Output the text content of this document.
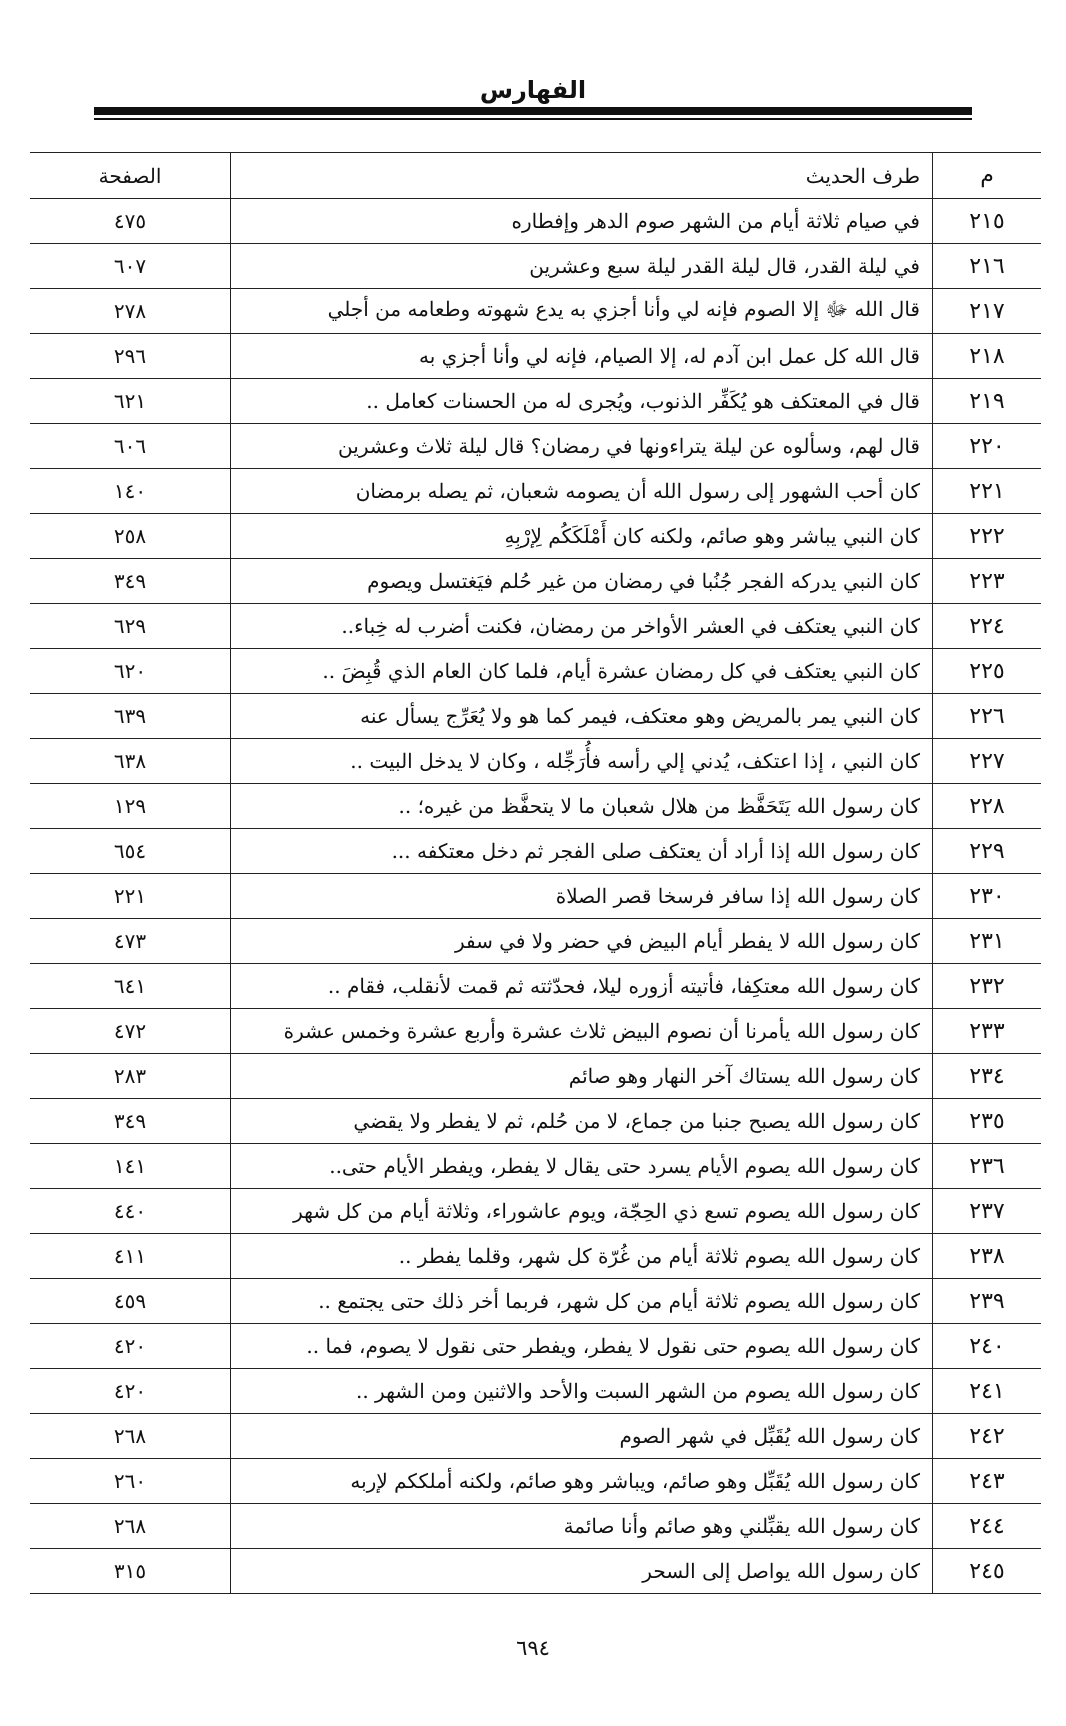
الفهارس
م	طرف الحديث	الصفحة
٢١٥	في صيام ثلاثة أيام من الشهر صوم الدهر وإفطاره	٤٧٥
٢١٦	في ليلة القدر، قال ليلة القدر ليلة سبع وعشرين	٦٠٧
٢١٧	قال الله ﷻ إلا الصوم فإنه لي وأنا أجزي به يدع شهوته وطعامه من أجلي	٢٧٨
٢١٨	قال الله كل عمل ابن آدم له، إلا الصيام، فإنه لي وأنا أجزي به	٢٩٦
٢١٩	قال في المعتكف هو يُكَفِّر الذنوب، ويُجرى له من الحسنات كعامل ..	٦٢١
٢٢٠	قال لهم، وسألوه عن ليلة يتراءونها في رمضان؟ قال ليلة ثلاث وعشرين	٦٠٦
٢٢١	كان أحب الشهور إلى رسول الله أن يصومه شعبان، ثم يصله برمضان	١٤٠
٢٢٢	كان النبي يباشر وهو صائم، ولكنه كان أَمْلَكَكُم لِإرْبِهِ	٢٥٨
٢٢٣	كان النبي يدركه الفجر جُنُبا في رمضان من غير حُلم فيَغتسل ويصوم	٣٤٩
٢٢٤	كان النبي يعتكف في العشر الأواخر من رمضان، فكنت أضرب له خِباء..	٦٢٩
٢٢٥	كان النبي يعتكف في كل رمضان عشرة أيام، فلما كان العام الذي قُبِضَ ..	٦٢٠
٢٢٦	كان النبي يمر بالمريض وهو معتكف، فيمر كما هو ولا يُعَرِّج يسأل عنه	٦٣٩
٢٢٧	كان النبي ، إذا اعتكف، يُدني إلي رأسه فأُرَجِّله ، وكان لا يدخل البيت ..	٦٣٨
٢٢٨	كان رسول الله يَتَحَفَّظ من هلال شعبان ما لا يتحفَّظ من غيره؛ ..	١٢٩
٢٢٩	كان رسول الله إذا أراد أن يعتكف صلى الفجر ثم دخل معتكفه ...	٦٥٤
٢٣٠	كان رسول الله إذا سافر فرسخا قصر الصلاة	٢٢١
٢٣١	كان رسول الله لا يفطر أيام البيض في حضر ولا في سفر	٤٧٣
٢٣٢	كان رسول الله معتكِفا، فأتيته أزوره ليلا، فحدّثته ثم قمت لأنقلب، فقام ..	٦٤١
٢٣٣	كان رسول الله يأمرنا أن نصوم البيض ثلاث عشرة وأربع عشرة وخمس عشرة	٤٧٢
٢٣٤	كان رسول الله يستاك آخر النهار وهو صائم	٢٨٣
٢٣٥	كان رسول الله يصبح جنبا من جماع، لا من حُلم، ثم لا يفطر ولا يقضي	٣٤٩
٢٣٦	كان رسول الله يصوم الأيام يسرد حتى يقال لا يفطر، ويفطر الأيام حتى..	١٤١
٢٣٧	كان رسول الله يصوم تسع ذي الحِجّة، ويوم عاشوراء، وثلاثة أيام من كل شهر	٤٤٠
٢٣٨	كان رسول الله يصوم ثلاثة أيام من غُرّة كل شهر، وقلما يفطر ..	٤١١
٢٣٩	كان رسول الله يصوم ثلاثة أيام من كل شهر، فربما أخر ذلك حتى يجتمع ..	٤٥٩
٢٤٠	كان رسول الله يصوم حتى نقول لا يفطر، ويفطر حتى نقول لا يصوم، فما ..	٤٢٠
٢٤١	كان رسول الله يصوم من الشهر السبت والأحد والاثنين ومن الشهر ..	٤٢٠
٢٤٢	كان رسول الله يُقَبِّل في شهر الصوم	٢٦٨
٢٤٣	كان رسول الله يُقَبِّل وهو صائم، ويباشر وهو صائم، ولكنه أملككم لإربه	٢٦٠
٢٤٤	كان رسول الله يقبِّلني وهو صائم وأنا صائمة	٢٦٨
٢٤٥	كان رسول الله يواصل إلى السحر	٣١٥
٦٩٤
